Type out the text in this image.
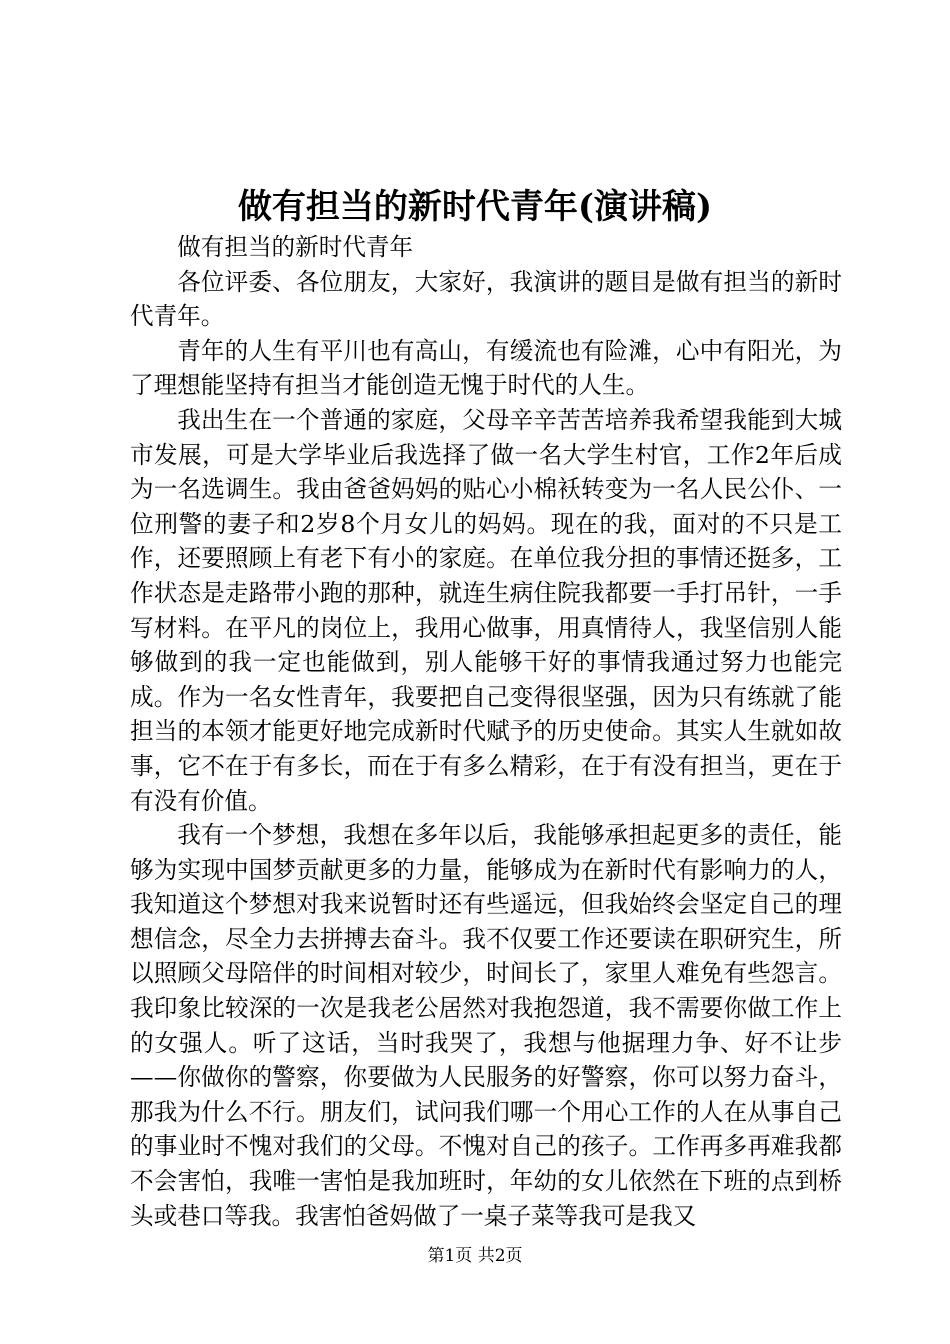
做有担当的新时代青年(演讲稿)

做有担当的新时代青年

各位评委、各位朋友，大家好，我演讲的题目是做有担当的新时代青年。

青年的人生有平川也有高山，有缓流也有险滩，心中有阳光，为了理想能坚持有担当才能创造无愧于时代的人生。

我出生在一个普通的家庭，父母辛辛苦苦培养我希望我能到大城市发展，可是大学毕业后我选择了做一名大学生村官，工作2年后成为一名选调生。我由爸爸妈妈的贴心小棉袄转变为一名人民公仆、一位刑警的妻子和2岁8个月女儿的妈妈。现在的我，面对的不只是工作，还要照顾上有老下有小的家庭。在单位我分担的事情还挺多，工作状态是走路带小跑的那种，就连生病住院我都要一手打吊针，一手写材料。在平凡的岗位上，我用心做事，用真情待人，我坚信别人能够做到的我一定也能做到，别人能够干好的事情我通过努力也能完成。作为一名女性青年，我要把自己变得很坚强，因为只有练就了能担当的本领才能更好地完成新时代赋予的历史使命。其实人生就如故事，它不在于有多长，而在于有多么精彩，在于有没有担当，更在于有没有价值。

我有一个梦想，我想在多年以后，我能够承担起更多的责任，能够为实现中国梦贡献更多的力量，能够成为在新时代有影响力的人，我知道这个梦想对我来说暂时还有些遥远，但我始终会坚定自己的理想信念，尽全力去拼搏去奋斗。我不仅要工作还要读在职研究生，所以照顾父母陪伴的时间相对较少，时间长了，家里人难免有些怨言。我印象比较深的一次是我老公居然对我抱怨道，我不需要你做工作上的女强人。听了这话，当时我哭了，我想与他据理力争、好不让步——你做你的警察，你要做为人民服务的好警察，你可以努力奋斗，那我为什么不行。朋友们，试问我们哪一个用心工作的人在从事自己的事业时不愧对我们的父母。不愧对自己的孩子。工作再多再难我都不会害怕，我唯一害怕是我加班时，年幼的女儿依然在下班的点到桥头或巷口等我。我害怕爸妈做了一桌子菜等我可是我又

第1页 共2页
